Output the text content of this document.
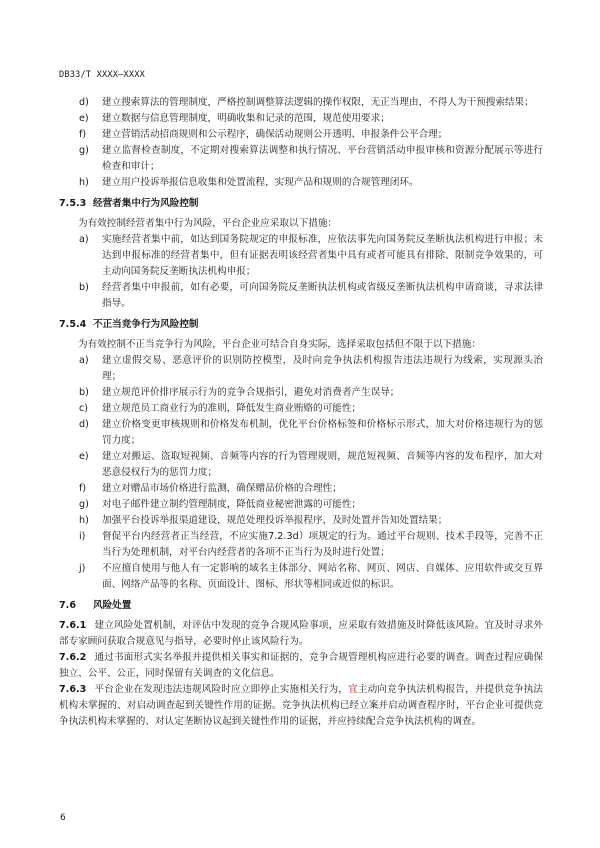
DB33/T XXXX—XXXX
d)	建立搜索算法的管理制度，严格控制调整算法逻辑的操作权限，无正当理由，不得人为干预搜索结果；
e)	建立数据与信息管理制度，明确收集和记录的范围，规范使用要求；
f)	建立营销活动招商规则和公示程序，确保活动规则公开透明、申报条件公平合理；
g)	建立监督检查制度，不定期对搜索算法调整和执行情况、平台营销活动申报审核和资源分配展示等进行检查和审计；
h)	建立用户投诉举报信息收集和处置流程，实现产品和规则的合规管理闭环。
7.5.3 经营者集中行为风险控制
为有效控制经营者集中行为风险，平台企业应采取以下措施：
a)	实施经营者集中前，如达到国务院规定的申报标准，应依法事先向国务院反垄断执法机构进行申报；未达到申报标准的经营者集中，但有证据表明该经营者集中具有或者可能具有排除、限制竞争效果的，可主动向国务院反垄断执法机构申报；
b)	经营者集中申报前，如有必要，可向国务院反垄断执法机构或省级反垄断执法机构申请商谈，寻求法律指导。
7.5.4 不正当竞争行为风险控制
为有效控制不正当竞争行为风险，平台企业可结合自身实际，选择采取包括但不限于以下措施：
a)	建立虚假交易、恶意评价的识别防控模型，及时向竞争执法机构报告违法违规行为线索，实现源头治理；
b)	建立规范评价排序展示行为的竞争合规指引，避免对消费者产生误导；
c)	建立规范员工商业行为的准则，降低发生商业贿赂的可能性；
d)	建立价格变更审核规则和价格发布机制，优化平台价格标签和价格标示形式，加大对价格违规行为的惩罚力度；
e)	建立对搬运、盗取短视频、音频等内容的行为管理规则，规范短视频、音频等内容的发布程序，加大对恶意侵权行为的惩罚力度；
f)	建立对赠品市场价格进行监测，确保赠品价格的合理性；
g)	对电子邮件建立制约管理制度，降低商业秘密泄露的可能性；
h)	加强平台投诉举报渠道建设，规范处理投诉举报程序，及时处置并告知处置结果；
i)	督促平台内经营者正当经营，不应实施7.2.3d）项规定的行为。通过平台规则、技术手段等，完善不正当行为处理机制，对平台内经营者的各项不正当行为及时进行处置；
j)	不应擅自使用与他人有一定影响的域名主体部分、网站名称、网页、网店、自媒体、应用软件或交互界面、网络产品等的名称、页面设计、图标、形状等相同或近似的标识。
7.6 风险处置
7.6.1 建立风险处置机制，对评估中发现的竞争合规风险事项，应采取有效措施及时降低该风险。宜及时寻求外部专家顾问获取合规意见与指导，必要时停止该风险行为。
7.6.2 通过书面形式实名举报并提供相关事实和证据的，竞争合规管理机构应进行必要的调查。调查过程应确保独立、公平、公正，同时保留有关调查的文化信息。
7.6.3 平台企业在发现违法违规风险时应立即停止实施相关行为，宜主动向竞争执法机构报告，并提供竞争执法机构未掌握的、对启动调查起到关键性作用的证据。竞争执法机构已经立案并启动调查程序时，平台企业可提供竞争执法机构未掌握的、对认定垄断协议起到关键性作用的证据，并应持续配合竞争执法机构的调查。
6
